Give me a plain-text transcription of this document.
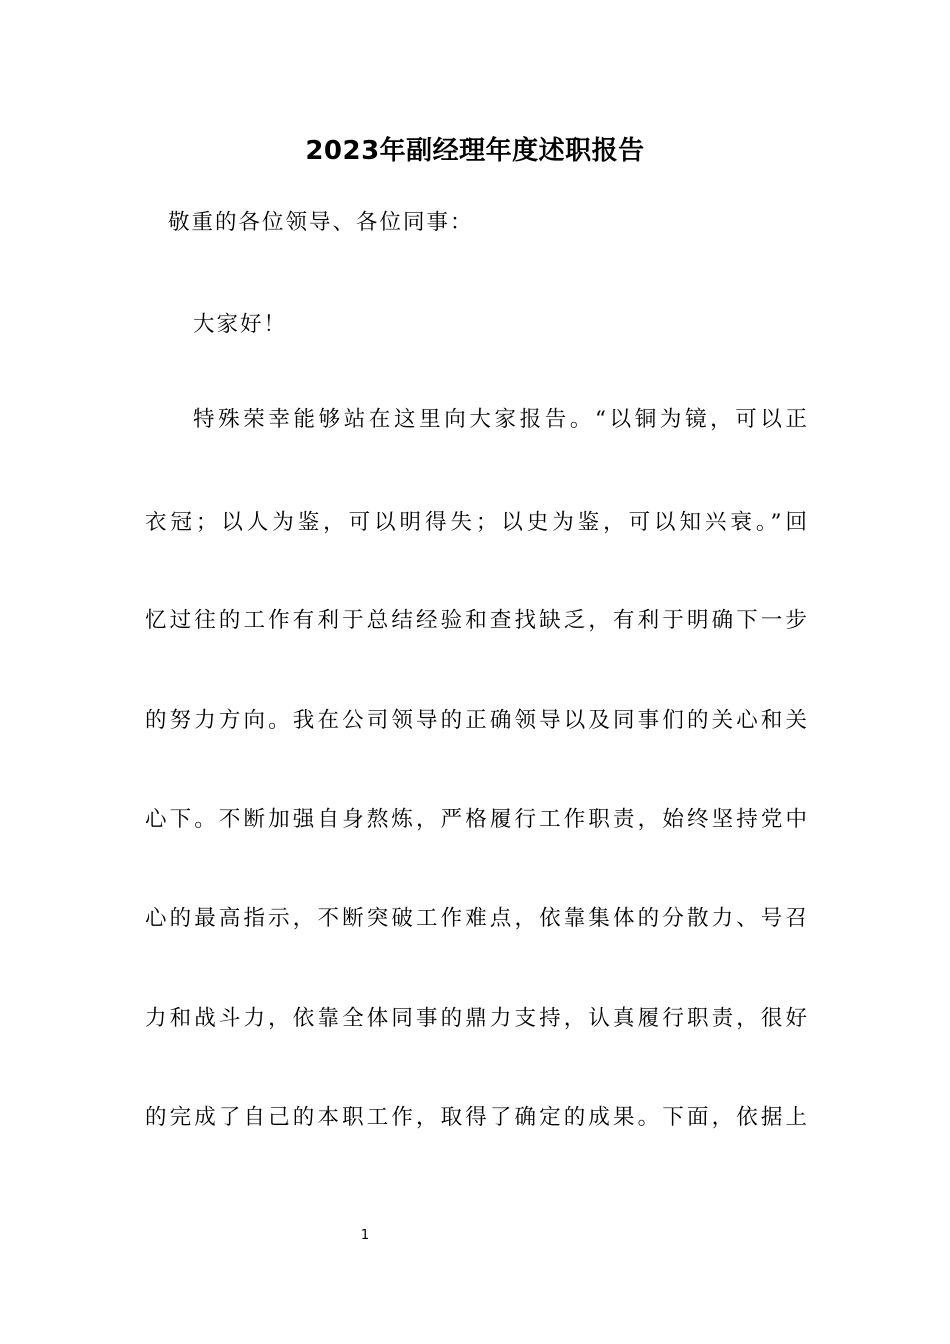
2023年副经理年度述职报告
敬重的各位领导、各位同事：
大家好！
特殊荣幸能够站在这里向大家报告。“以铜为镜，可以正
衣冠；以人为鉴，可以明得失；以史为鉴，可以知兴衰。”回
忆过往的工作有利于总结经验和查找缺乏，有利于明确下一步
的努力方向。我在公司领导的正确领导以及同事们的关心和关
心下。不断加强自身熬炼，严格履行工作职责，始终坚持党中
心的最高指示，不断突破工作难点，依靠集体的分散力、号召
力和战斗力，依靠全体同事的鼎力支持，认真履行职责，很好
的完成了自己的本职工作，取得了确定的成果。下面，依据上
1
